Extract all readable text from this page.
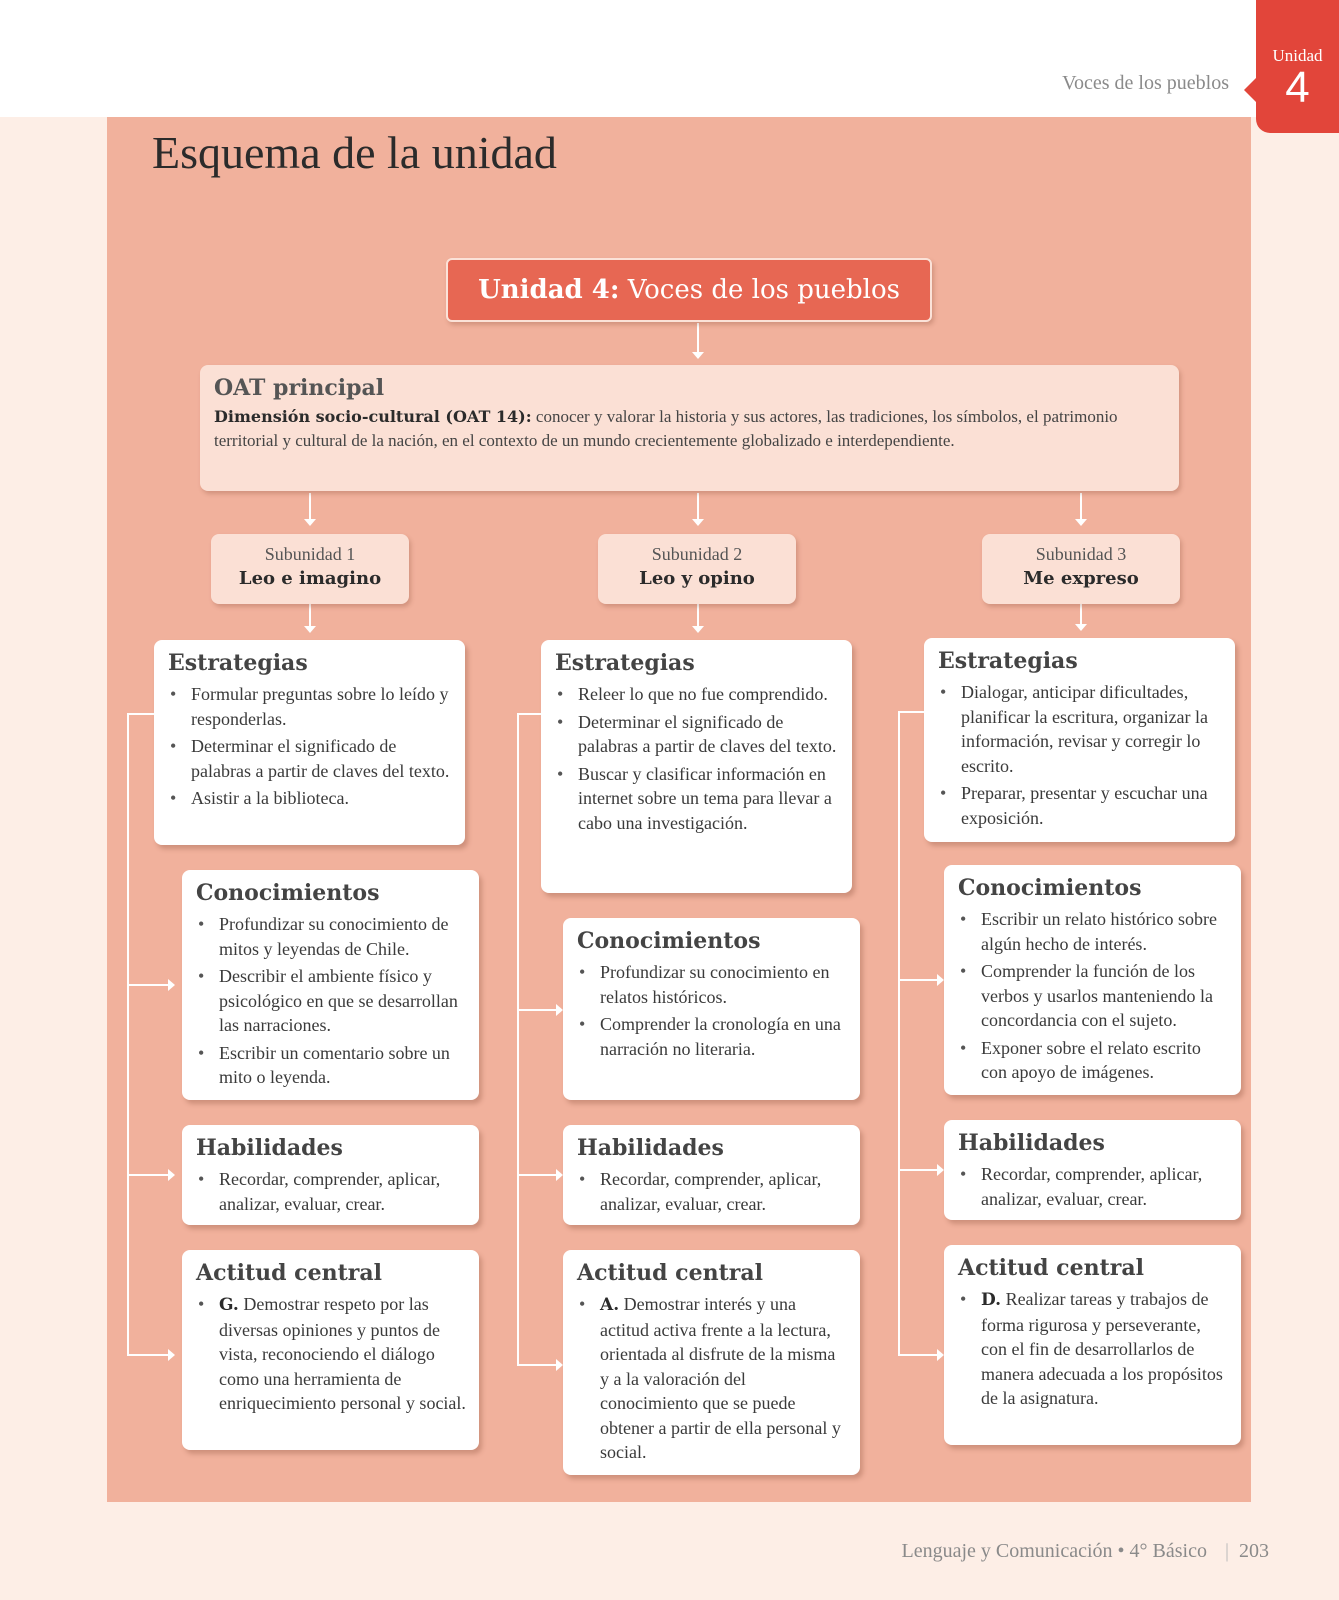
Voces de los pueblos
Unidad
4
Esquema de la unidad
Unidad 4: Voces de los pueblos
OAT principal

Dimensión socio-cultural (OAT 14): conocer y valorar la historia y sus actores, las tradiciones, los símbolos, el patrimonio territorial y cultural de la nación, en el contexto de un mundo crecientemente globalizado e interdependiente.

Subunidad 1
Leo e imagino
Subunidad 2
Leo y opino
Subunidad 3
Me expreso
Estrategias
• Formular preguntas sobre lo leído y responderlas.
• Determinar el significado de palabras a partir de claves del texto.
• Asistir a la biblioteca.
Conocimientos
• Profundizar su conocimiento de mitos y leyendas de Chile.
• Describir el ambiente físico y psicológico en que se desarrollan las narraciones.
• Escribir un comentario sobre un mito o leyenda.
Habilidades
• Recordar, comprender, aplicar, analizar, evaluar, crear.
Actitud central
• G. Demostrar respeto por las diversas opiniones y puntos de vista, reconociendo el diálogo como una herramienta de enriquecimiento personal y social.
Estrategias
• Releer lo que no fue comprendido.
• Determinar el significado de palabras a partir de claves del texto.
• Buscar y clasificar información en internet sobre un tema para llevar a cabo una investigación.
Conocimientos
• Profundizar su conocimiento en relatos históricos.
• Comprender la cronología en una narración no literaria.
Habilidades
• Recordar, comprender, aplicar, analizar, evaluar, crear.
Actitud central
• A. Demostrar interés y una actitud activa frente a la lectura, orientada al disfrute de la misma y a la valoración del conocimiento que se puede obtener a partir de ella personal y social.
Estrategias
• Dialogar, anticipar dificultades, planificar la escritura, organizar la información, revisar y corregir lo escrito.
• Preparar, presentar y escuchar una exposición.
Conocimientos
• Escribir un relato histórico sobre algún hecho de interés.
• Comprender la función de los verbos y usarlos manteniendo la concordancia con el sujeto.
• Exponer sobre el relato escrito con apoyo de imágenes.
Habilidades
• Recordar, comprender, aplicar, analizar, evaluar, crear.
Actitud central
• D. Realizar tareas y trabajos de forma rigurosa y perseverante, con el fin de desarrollarlos de manera adecuada a los propósitos de la asignatura.
Lenguaje y Comunicación • 4° Básico | 203
